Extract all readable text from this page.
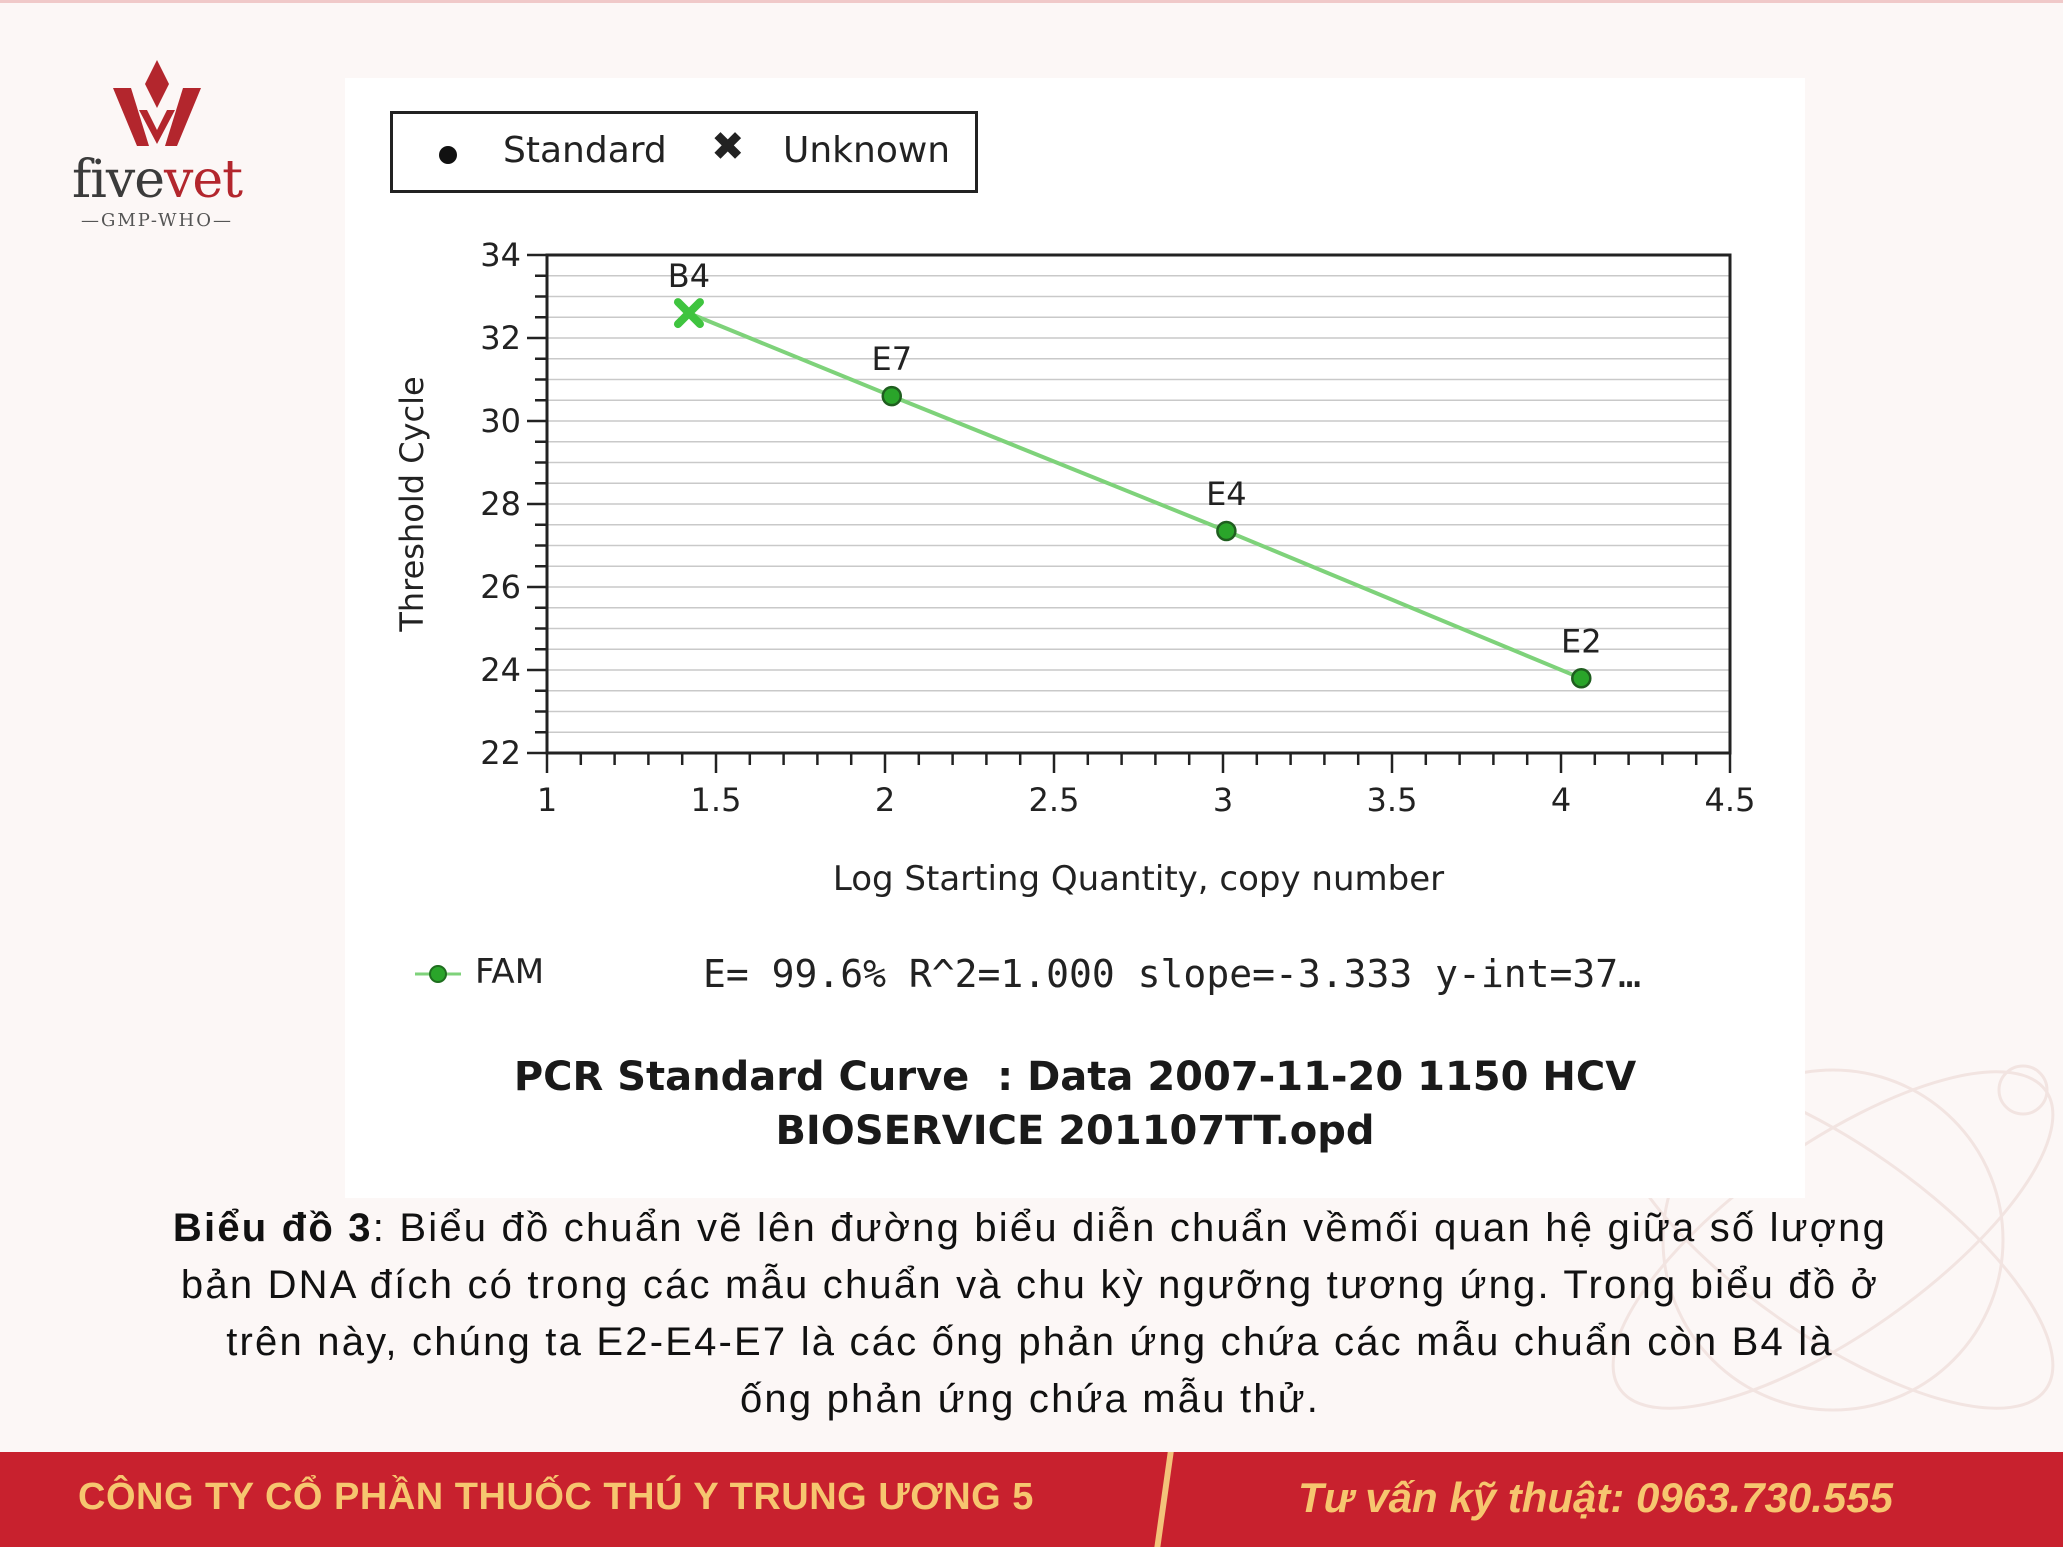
fivevet
—GMP-WHO—
22
24
26
28
30
32
34
1	1.5	2	2.5	3	3.5	4	4.5
Threshold Cycle
Log Starting Quantity, copy number
B4
E7
E4
E2
Standard ✖ Unknown
FAM	E= 99.6% R^2=1.000 slope=-3.333 y-int=37…
PCR Standard Curve  : Data 2007-11-20 1150 HCV
BIOSERVICE 201107TT.opd
Biểu đồ 3: Biểu đồ chuẩn vẽ lên đường biểu diễn chuẩn vềmối quan hệ giữa số lượng
bản DNA đích có trong các mẫu chuẩn và chu kỳ ngưỡng tương ứng. Trong biểu đồ ở
trên này, chúng ta E2-E4-E7 là các ống phản ứng chứa các mẫu chuẩn còn B4 là
ống phản ứng chứa mẫu thử.
CÔNG TY CỔ PHẦN THUỐC THÚ Y TRUNG ƯƠNG 5	Tư vấn kỹ thuật: 0963.730.555
